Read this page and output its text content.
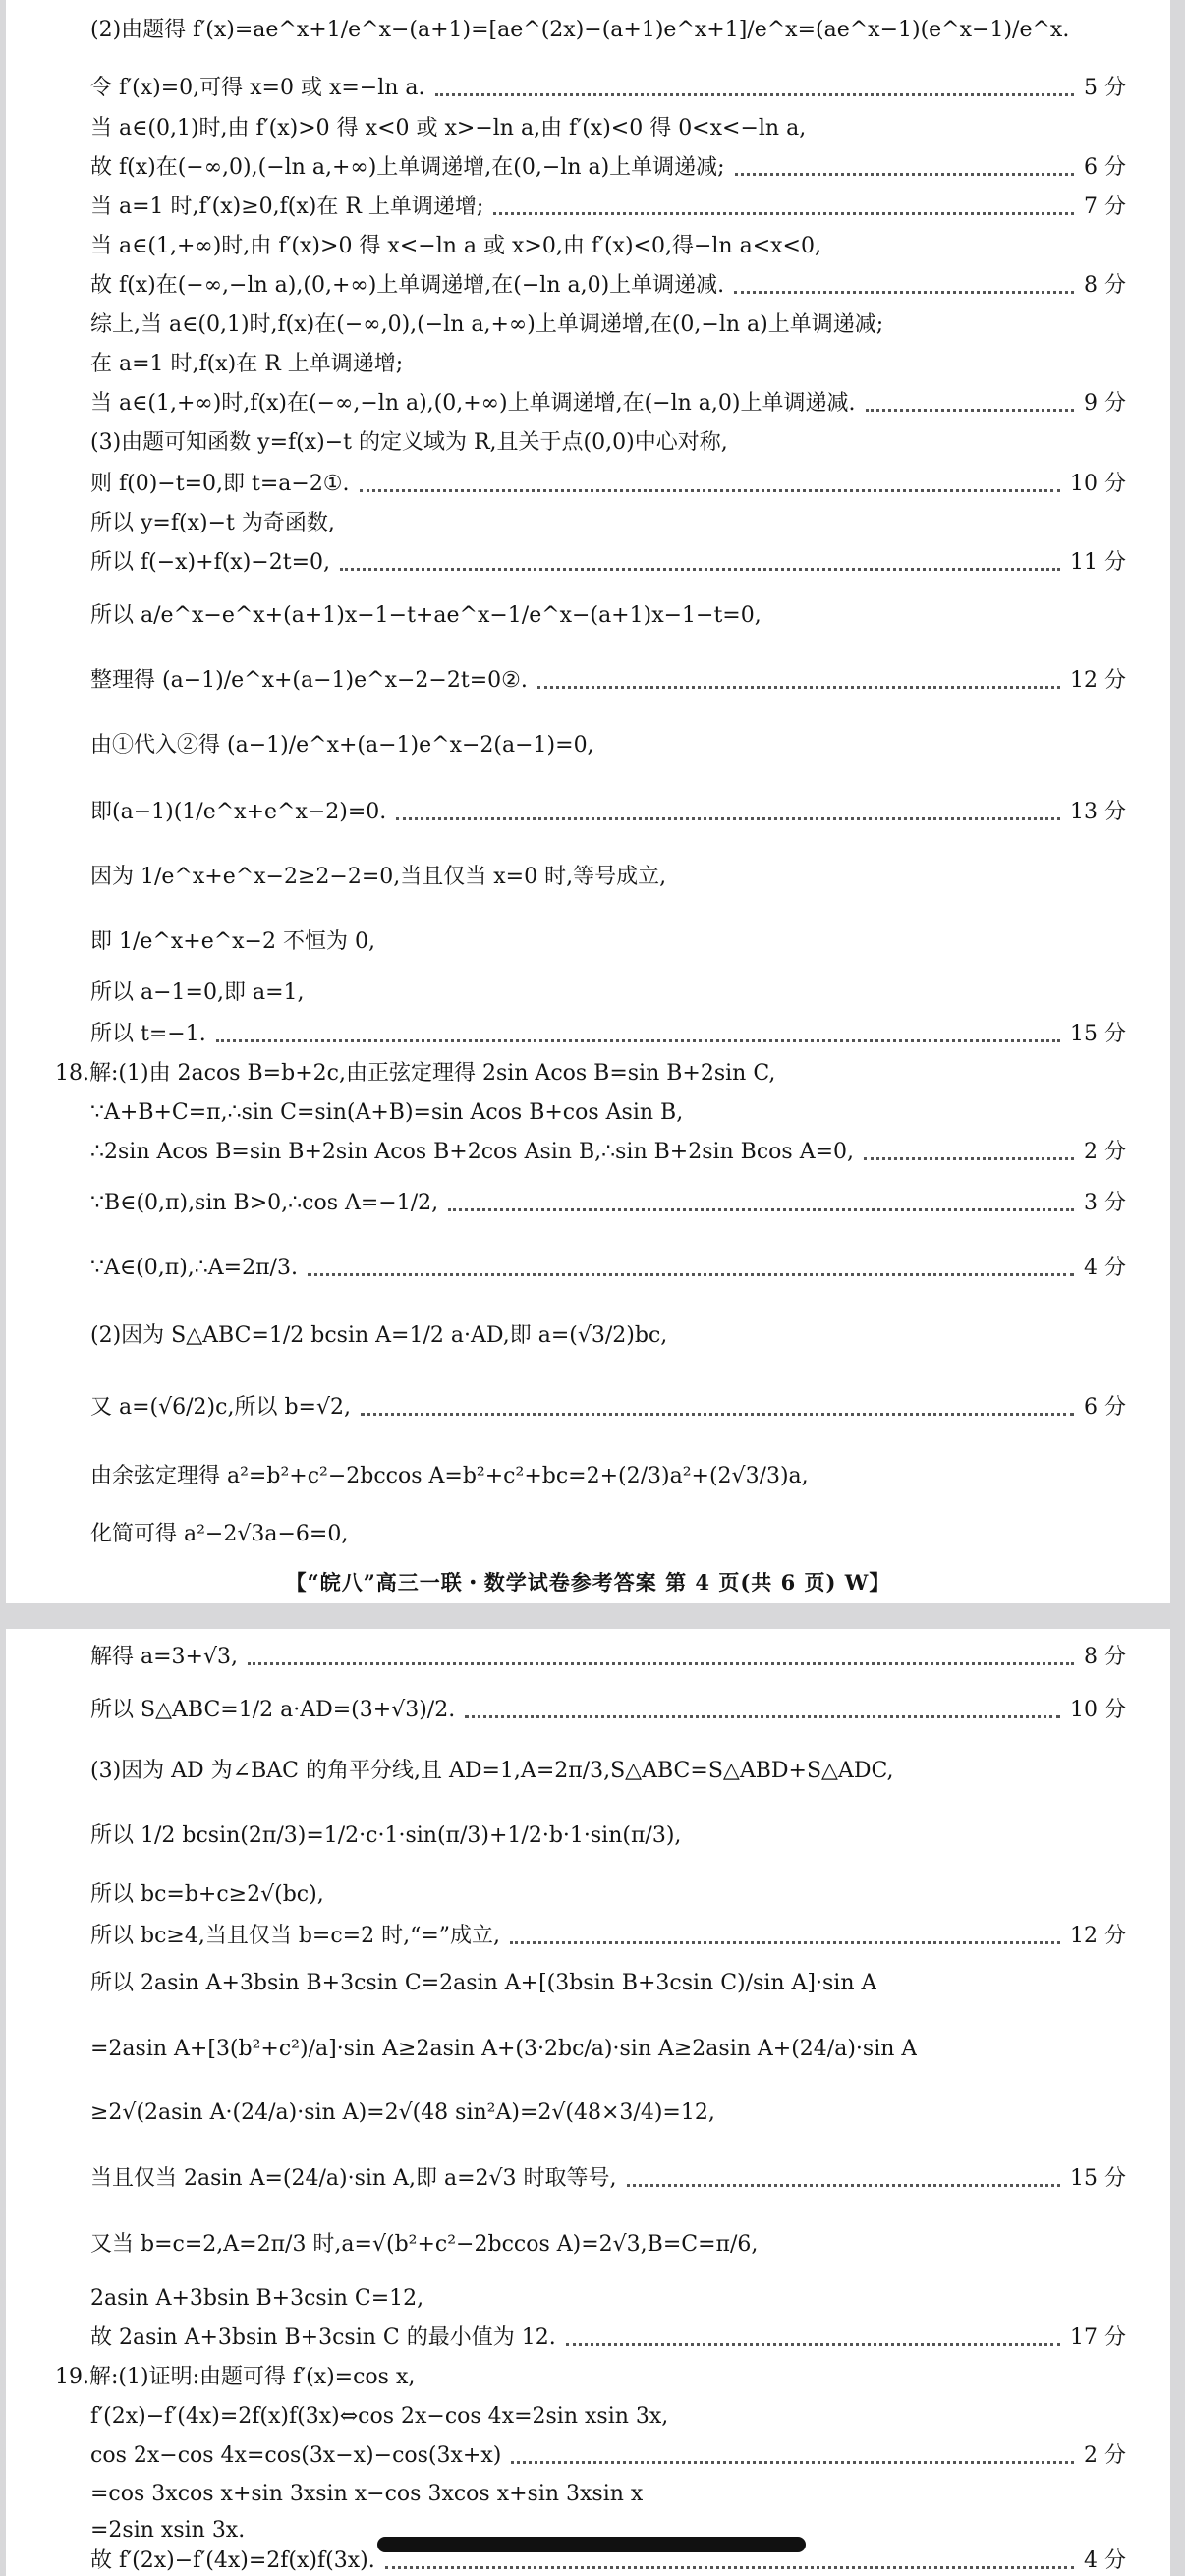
(2)由题得 f′(x)=ae^x+1/e^x−(a+1)=[ae^(2x)−(a+1)e^x+1]/e^x=(ae^x−1)(e^x−1)/e^x.
令 f′(x)=0,可得 x=0 或 x=−ln a.	5 分
当 a∈(0,1)时,由 f′(x)>0 得 x<0 或 x>−ln a,由 f′(x)<0 得 0<x<−ln a,
故 f(x)在(−∞,0),(−ln a,+∞)上单调递增,在(0,−ln a)上单调递减;	6 分
当 a=1 时,f′(x)≥0,f(x)在 R 上单调递增;	7 分
当 a∈(1,+∞)时,由 f′(x)>0 得 x<−ln a 或 x>0,由 f′(x)<0,得−ln a<x<0,
故 f(x)在(−∞,−ln a),(0,+∞)上单调递增,在(−ln a,0)上单调递减.	8 分
综上,当 a∈(0,1)时,f(x)在(−∞,0),(−ln a,+∞)上单调递增,在(0,−ln a)上单调递减;
在 a=1 时,f(x)在 R 上单调递增;
当 a∈(1,+∞)时,f(x)在(−∞,−ln a),(0,+∞)上单调递增,在(−ln a,0)上单调递减.	9 分
(3)由题可知函数 y=f(x)−t 的定义域为 R,且关于点(0,0)中心对称,
则 f(0)−t=0,即 t=a−2①.	10 分
所以 y=f(x)−t 为奇函数,
所以 f(−x)+f(x)−2t=0,	11 分
所以 a/e^x−e^x+(a+1)x−1−t+ae^x−1/e^x−(a+1)x−1−t=0,
整理得 (a−1)/e^x+(a−1)e^x−2−2t=0②.	12 分
由①代入②得 (a−1)/e^x+(a−1)e^x−2(a−1)=0,
即(a−1)(1/e^x+e^x−2)=0.	13 分
因为 1/e^x+e^x−2≥2−2=0,当且仅当 x=0 时,等号成立,
即 1/e^x+e^x−2 不恒为 0,
所以 a−1=0,即 a=1,
所以 t=−1.	15 分
18.解:(1)由 2acos B=b+2c,由正弦定理得 2sin Acos B=sin B+2sin C,
∵A+B+C=π,∴sin C=sin(A+B)=sin Acos B+cos Asin B,
∴2sin Acos B=sin B+2sin Acos B+2cos Asin B,∴sin B+2sin Bcos A=0,	2 分
∵B∈(0,π),sin B>0,∴cos A=−1/2,	3 分
∵A∈(0,π),∴A=2π/3.	4 分
(2)因为 S△ABC=1/2 bcsin A=1/2 a·AD,即 a=(√3/2)bc,
又 a=(√6/2)c,所以 b=√2,	6 分
由余弦定理得 a²=b²+c²−2bccos A=b²+c²+bc=2+(2/3)a²+(2√3/3)a,
化简可得 a²−2√3a−6=0,
【“皖八”高三一联・数学试卷参考答案 第 4 页(共 6 页) W】
解得 a=3+√3,	8 分
所以 S△ABC=1/2 a·AD=(3+√3)/2.	10 分
(3)因为 AD 为∠BAC 的角平分线,且 AD=1,A=2π/3,S△ABC=S△ABD+S△ADC,
所以 1/2 bcsin(2π/3)=1/2·c·1·sin(π/3)+1/2·b·1·sin(π/3),
所以 bc=b+c≥2√(bc),
所以 bc≥4,当且仅当 b=c=2 时,“=”成立,	12 分
所以 2asin A+3bsin B+3csin C=2asin A+[(3bsin B+3csin C)/sin A]·sin A
=2asin A+[3(b²+c²)/a]·sin A≥2asin A+(3·2bc/a)·sin A≥2asin A+(24/a)·sin A
≥2√(2asin A·(24/a)·sin A)=2√(48 sin²A)=2√(48×3/4)=12,
当且仅当 2asin A=(24/a)·sin A,即 a=2√3 时取等号,	15 分
又当 b=c=2,A=2π/3 时,a=√(b²+c²−2bccos A)=2√3,B=C=π/6,
2asin A+3bsin B+3csin C=12,
故 2asin A+3bsin B+3csin C 的最小值为 12.	17 分
19.解:(1)证明:由题可得 f′(x)=cos x,
f′(2x)−f′(4x)=2f(x)f(3x)⇔cos 2x−cos 4x=2sin xsin 3x,
cos 2x−cos 4x=cos(3x−x)−cos(3x+x)	2 分
=cos 3xcos x+sin 3xsin x−cos 3xcos x+sin 3xsin x
=2sin xsin 3x.
故 f′(2x)−f′(4x)=2f(x)f(3x).	4 分
